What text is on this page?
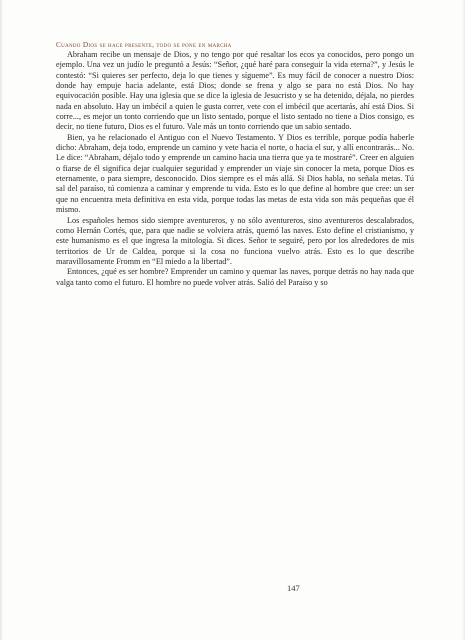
Cuando Dios se hace presente, todo se pone en marcha

Abraham recibe un mensaje de Dios, y no tengo por qué resaltar los ecos ya conocidos, pero pongo un ejemplo. Una vez un judío le preguntó a Jesús: “Señor, ¿qué haré para conseguir la vida eterna?”, y Jesús le contestó: “Si quieres ser perfecto, deja lo que tienes y sígueme”. Es muy fácil de conocer a nuestro Dios: donde hay empuje hacia adelante, está Dios; donde se frena y algo se para no está Dios. No hay equivocación posible. Hay una iglesia que se dice la iglesia de Jesucristo y se ha detenido, déjala, no pierdes nada en absoluto. Hay un imbécil a quien le gusta correr, vete con el imbécil que acertarás, ahí está Dios. Si corre..., es mejor un tonto corriendo que un listo sentado, porque el listo sentado no tiene a Dios consigo, es decir, no tiene futuro, Dios es el futuro. Vale más un tonto corriendo que un sabio sentado.

Bien, ya he relacionado el Antiguo con el Nuevo Testamento. Y Dios es terrible, porque podía haberle dicho: Abraham, deja todo, emprende un camino y vete hacia el norte, o hacia el sur, y allí encontrarás... No. Le dice: “Abraham, déjalo todo y emprende un camino hacia una tierra que ya te mostraré”. Creer en alguien o fiarse de él significa dejar cualquier seguridad y emprender un viaje sin conocer la meta, porque Dios es eternamente, o para siempre, desconocido. Dios siempre es el más allá. Si Dios habla, no señala metas. Tú sal del paraíso, tú comienza a caminar y emprende tu vida. Esto es lo que define al hombre que cree: un ser que no encuentra meta definitiva en esta vida, porque todas las metas de esta vida son más pequeñas que él mismo.

Los españoles hemos sido siempre aventureros, y no sólo aventureros, sino aventureros descalabrados, como Hernán Cortés, que, para que nadie se volviera atrás, quemó las naves. Esto define el cristianismo, y este humanismo es el que ingresa la mitología. Si dices. Señor te seguiré, pero por los alrededores de mis territorios de Ur de Caldea, porque si la cosa no funciona vuelvo atrás. Esto es lo que describe maravillosamente Fromm en “El miedo a la libertad”.

Entonces, ¿qué es ser hombre? Emprender un camino y quemar las naves, porque detrás no hay nada que valga tanto como el futuro. El hombre no puede volver atrás. Salió del Paraíso y so

147
